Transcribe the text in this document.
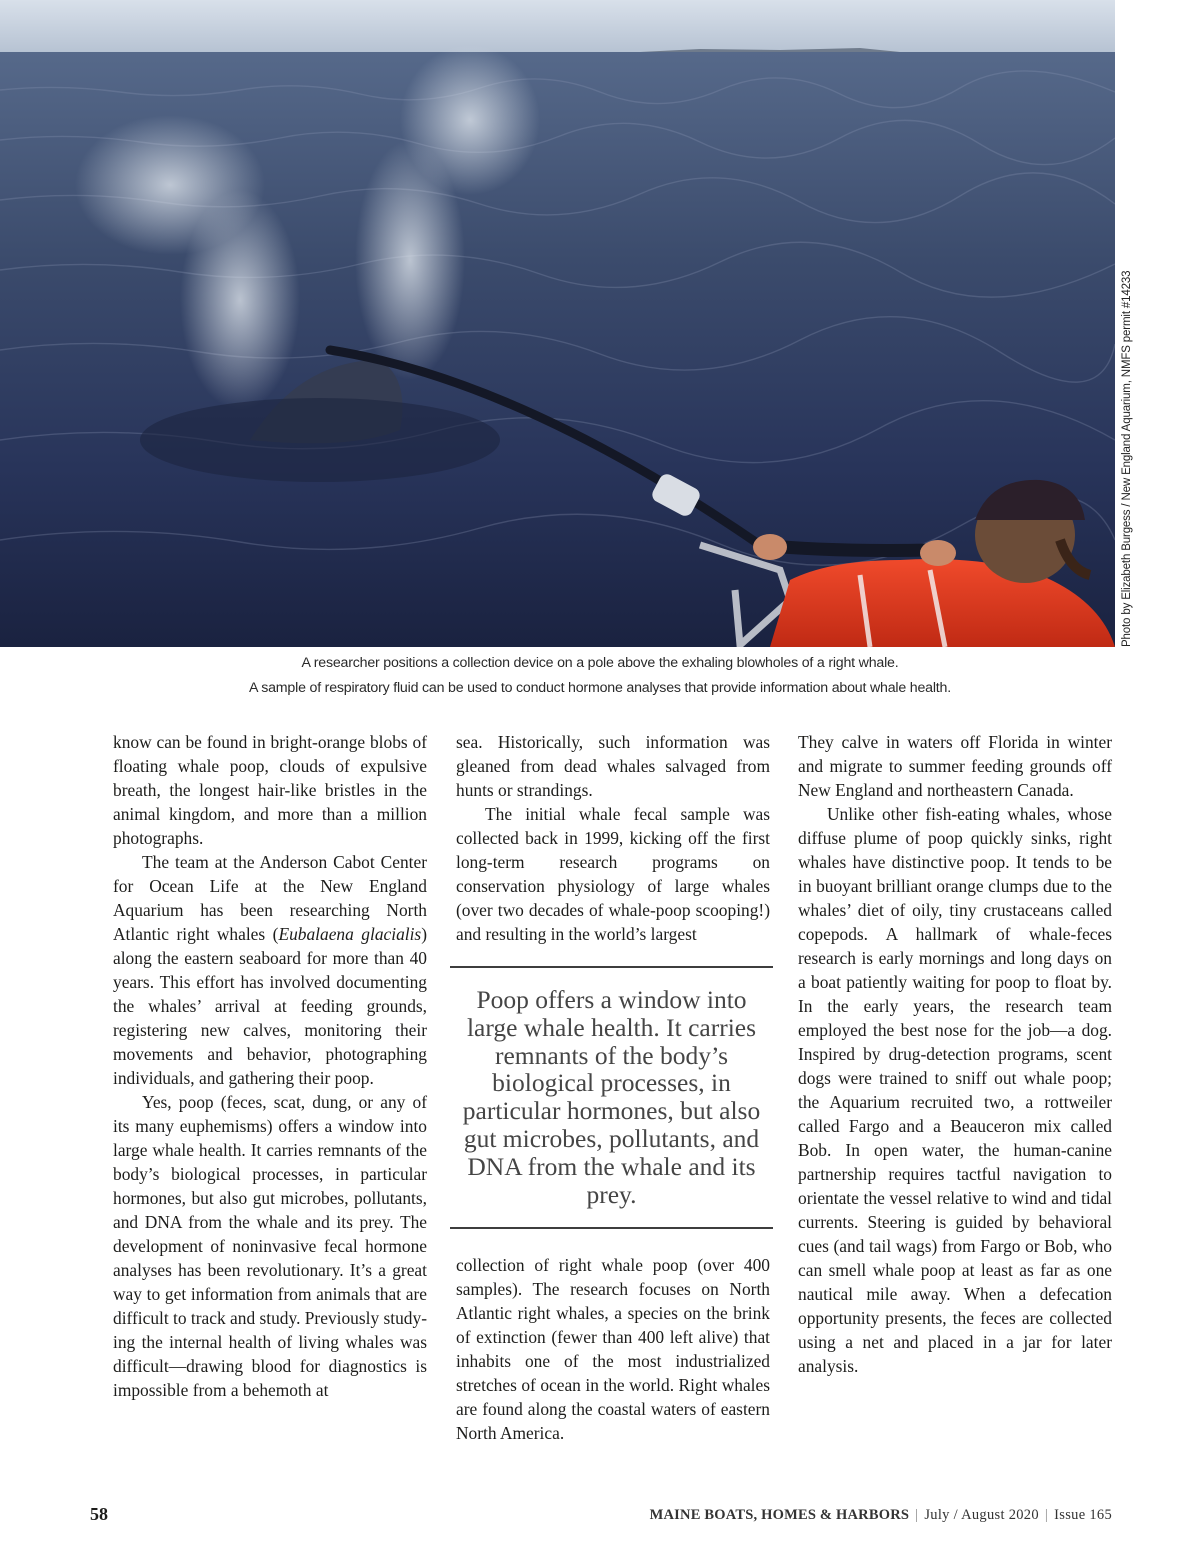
Photo by Elizabeth Burgess / New England Aquarium, NMFS permit #14233
A researcher positions a collection device on a pole above the exhaling blowholes of a right whale.
A sample of respiratory fluid can be used to conduct hormone analyses that provide information about whale health.

know can be found in bright-orange blobs of floating whale poop, clouds of expulsive breath, the longest hair-like bristles in the animal kingdom, and more than a million photographs.

The team at the Anderson Cabot Center for Ocean Life at the New England Aquarium has been researching North Atlantic right whales (Eubalaena glacialis) along the eastern seaboard for more than 40 years. This effort has involved documenting the whales’ arrival at feeding grounds, registering new calves, monitoring their movements and behavior, photographing individuals, and gathering their poop.

Yes, poop (feces, scat, dung, or any of its many euphemisms) offers a window into large whale health. It carries remnants of the body’s biological processes, in particular hormones, but also gut microbes, pollutants, and DNA from the whale and its prey. The development of noninvasive fecal hormone analyses has been revolutionary. It’s a great way to get information from animals that are difficult to track and study. Previously studying the internal health of living whales was difficult—drawing blood for diagnostics is impossible from a behemoth at

sea. Historically, such information was gleaned from dead whales salvaged from hunts or strandings.

The initial whale fecal sample was collected back in 1999, kicking off the first long-term research programs on conservation physiology of large whales (over two decades of whale-poop scooping!) and resulting in the world’s largest

Poop offers a window into large whale health. It carries remnants of the body’s biological processes, in particular hormones, but also gut microbes, pollutants, and DNA from the whale and its prey.

collection of right whale poop (over 400 samples). The research focuses on North Atlantic right whales, a species on the brink of extinction (fewer than 400 left alive) that inhabits one of the most industrialized stretches of ocean in the world. Right whales are found along the coastal waters of eastern North America.

They calve in waters off Florida in winter and migrate to summer feeding grounds off New England and northeastern Canada.

Unlike other fish-eating whales, whose diffuse plume of poop quickly sinks, right whales have distinctive poop. It tends to be in buoyant brilliant orange clumps due to the whales’ diet of oily, tiny crustaceans called copepods. A hallmark of whale-feces research is early mornings and long days on a boat patiently waiting for poop to float by. In the early years, the research team employed the best nose for the job—a dog. Inspired by drug-detection programs, scent dogs were trained to sniff out whale poop; the Aquarium recruited two, a rottweiler called Fargo and a Beauceron mix called Bob. In open water, the human-canine partnership requires tactful navigation to orientate the vessel relative to wind and tidal currents. Steering is guided by behavioral cues (and tail wags) from Fargo or Bob, who can smell whale poop at least as far as one nautical mile away. When a defecation opportunity presents, the feces are collected using a net and placed in a jar for later analysis.

58	MAINE BOATS, HOMES & HARBORS | July / August 2020 | Issue 165
